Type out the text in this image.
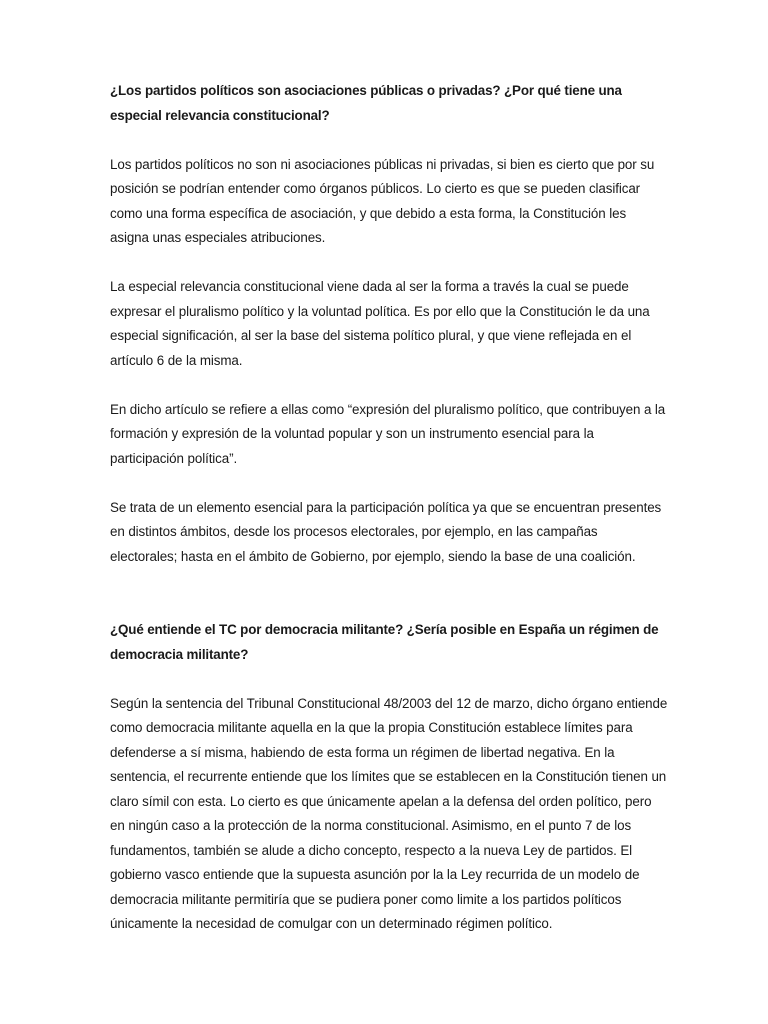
¿Los partidos políticos son asociaciones públicas o privadas? ¿Por qué tiene una especial relevancia constitucional?

Los partidos políticos no son ni asociaciones públicas ni privadas, si bien es cierto que por su posición se podrían entender como órganos públicos. Lo cierto es que se pueden clasificar como una forma específica de asociación, y que debido a esta forma, la Constitución les asigna unas especiales atribuciones.

La especial relevancia constitucional viene dada al ser la forma a través la cual se puede expresar el pluralismo político y la voluntad política. Es por ello que la Constitución le da una especial significación, al ser la base del sistema político plural, y que viene reflejada en el artículo 6 de la misma.

En dicho artículo se refiere a ellas como “expresión del pluralismo político, que contribuyen a la formación y expresión de la voluntad popular y son un instrumento esencial para la participación política”.

Se trata de un elemento esencial para la participación política ya que se encuentran presentes en distintos ámbitos, desde los procesos electorales, por ejemplo, en las campañas electorales; hasta en el ámbito de Gobierno, por ejemplo, siendo la base de una coalición.

¿Qué entiende el TC por democracia militante? ¿Sería posible en España un régimen de democracia militante?

Según la sentencia del Tribunal Constitucional 48/2003 del 12 de marzo, dicho órgano entiende como democracia militante aquella en la que la propia Constitución establece límites para defenderse a sí misma, habiendo de esta forma un régimen de libertad negativa. En la sentencia, el recurrente entiende que los límites que se establecen en la Constitución tienen un claro símil con esta. Lo cierto es que únicamente apelan a la defensa del orden político, pero en ningún caso a la protección de la norma constitucional. Asimismo, en el punto 7 de los fundamentos, también se alude a dicho concepto, respecto a la nueva Ley de partidos. El gobierno vasco entiende que la supuesta asunción por la la Ley recurrida de un modelo de democracia militante permitiría que se pudiera poner como limite a los partidos políticos únicamente la necesidad de comulgar con un determinado régimen político.
